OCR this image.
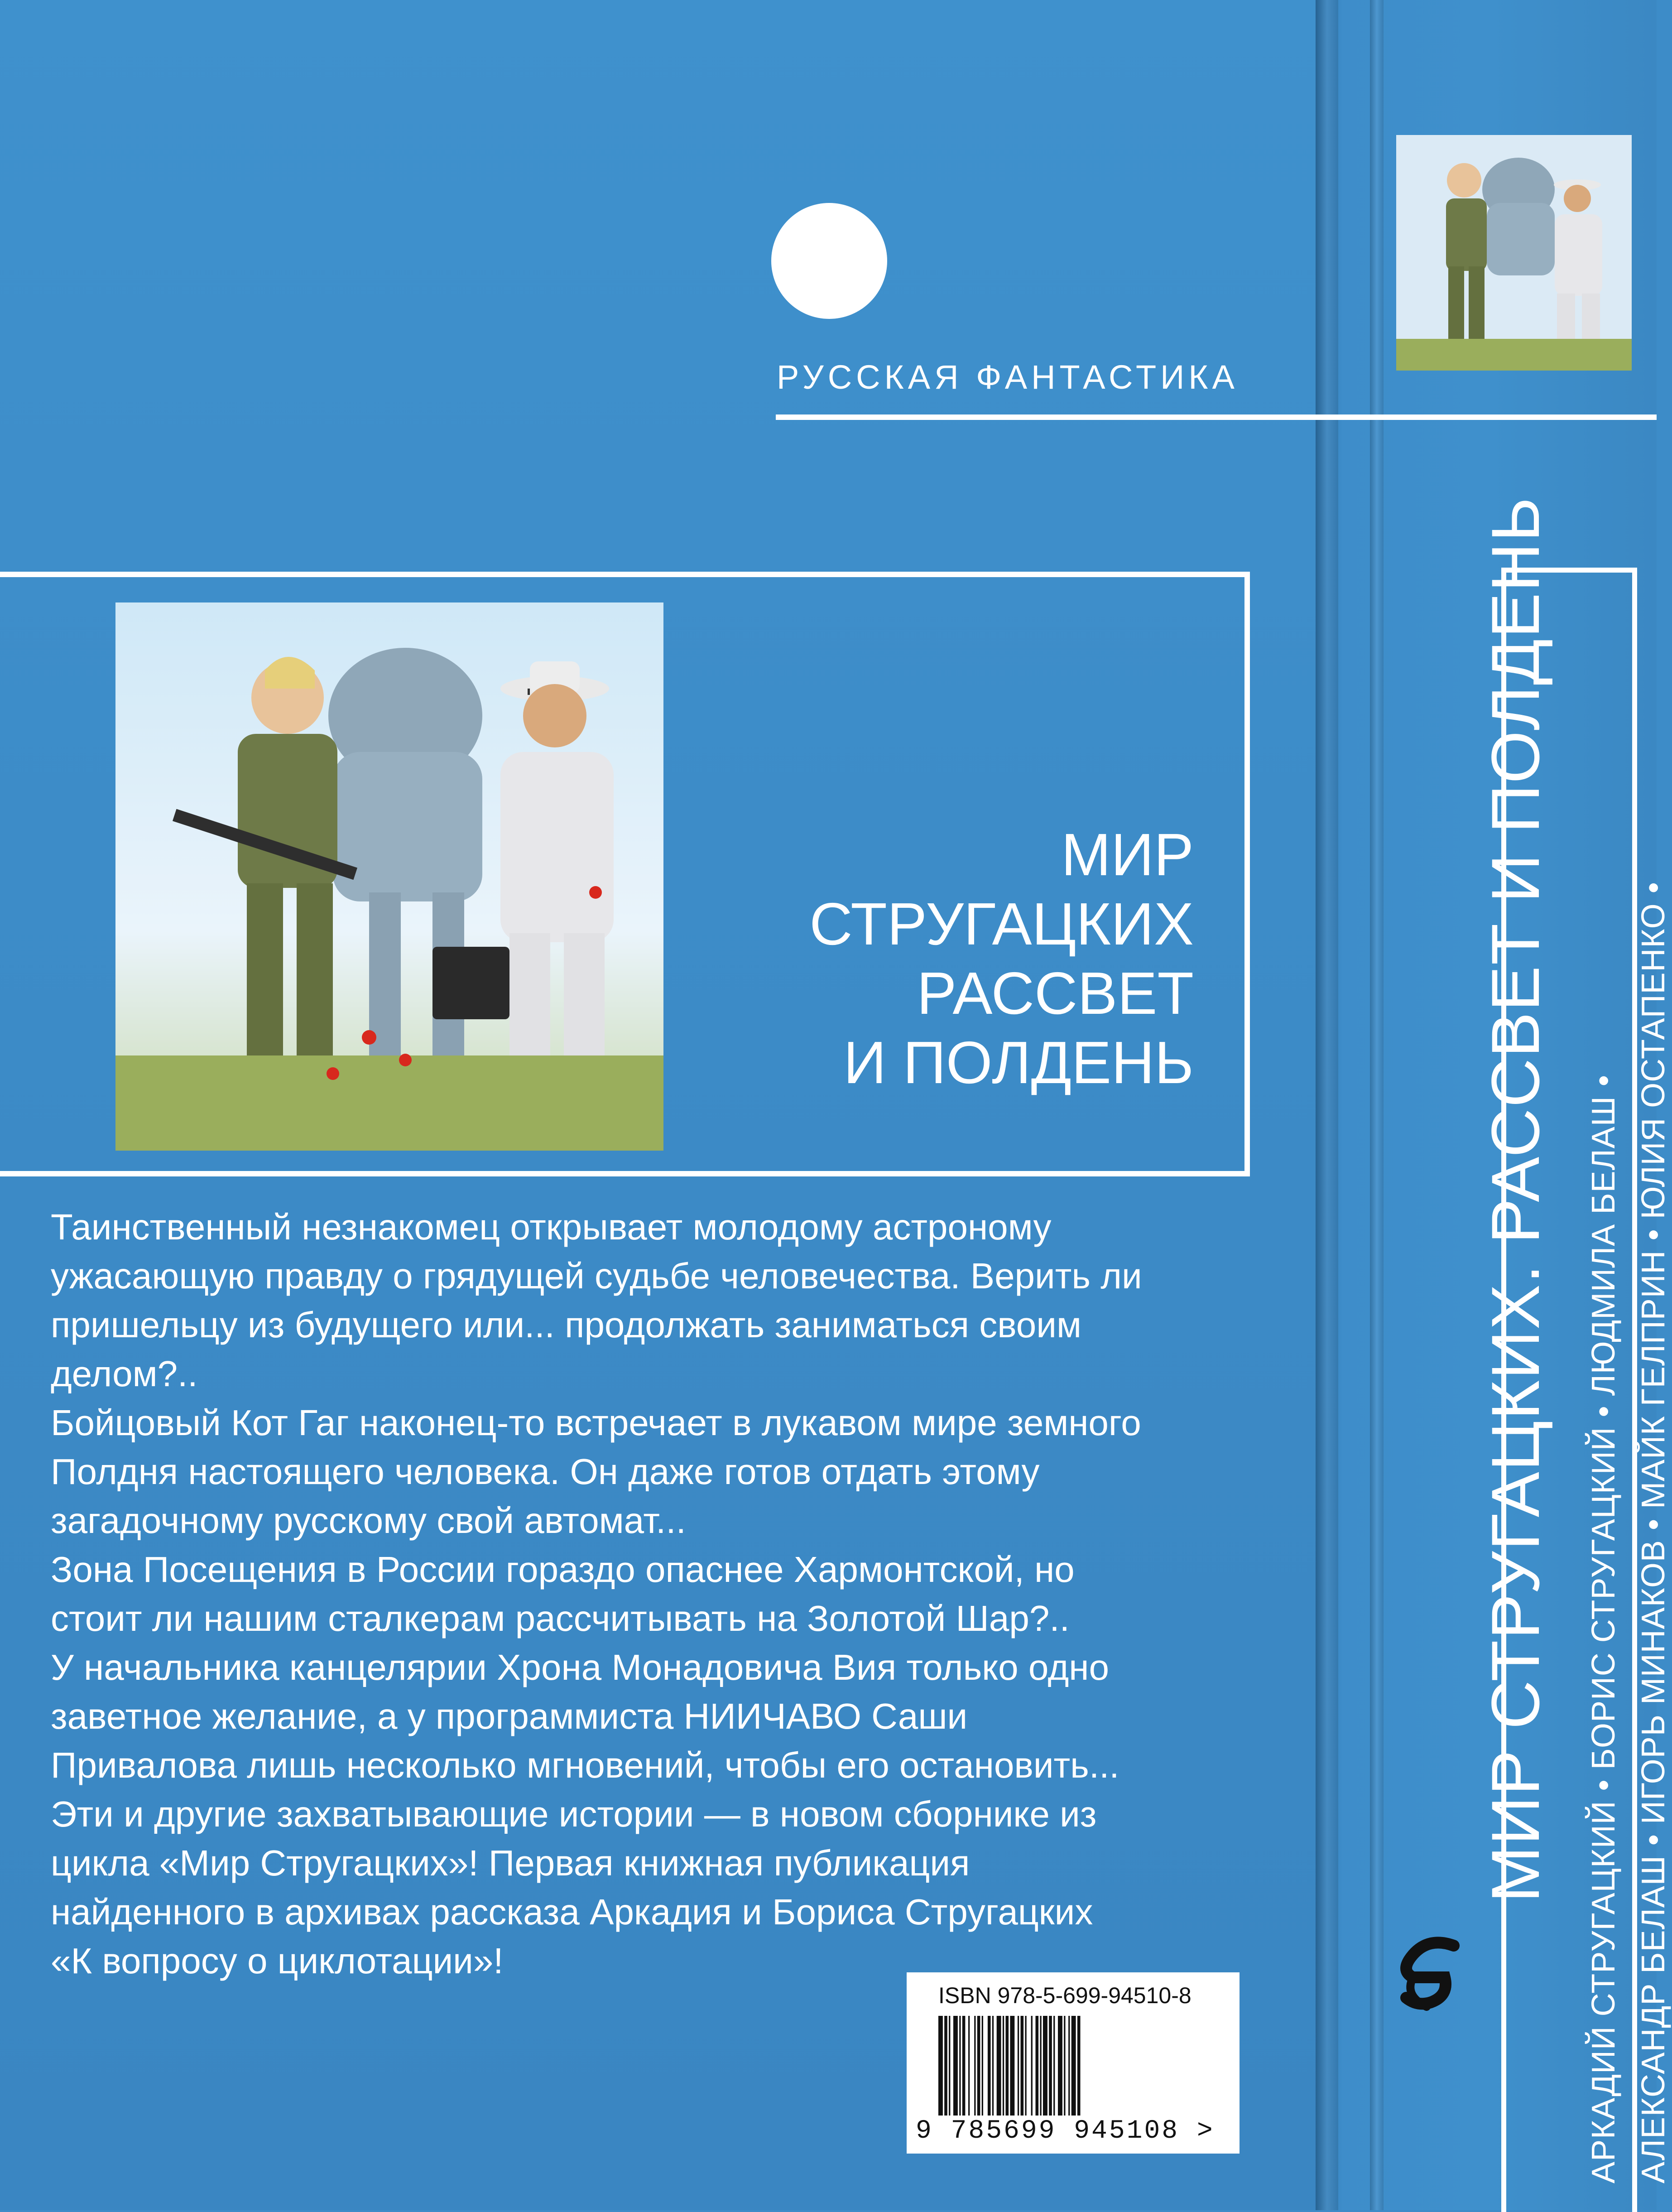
РУССКАЯ ФАНТАСТИКА
МИР
СТРУГАЦКИХ
РАССВЕТ
И ПОЛДЕНЬ

Таинственный незнакомец открывает молодому астроному

ужасающую правду о грядущей судьбе человечества. Верить ли

пришельцу из будущего или... продолжать заниматься своим

делом?..

Бойцовый Кот Гаг наконец-то встречает в лукавом мире земного

Полдня настоящего человека. Он даже готов отдать этому

загадочному русскому свой автомат...

Зона Посещения в России гораздо опаснее Хармонтской, но

стоит ли нашим сталкерам рассчитывать на Золотой Шар?..

У начальника канцелярии Хрона Монадовича Вия только одно

заветное желание, а у программиста НИИЧАВО Саши

Привалова лишь несколько мгновений, чтобы его остановить...

Эти и другие захватывающие истории — в новом сборнике из

цикла «Мир Стругацких»! Первая книжная публикация

найденного в архивах рассказа Аркадия и Бориса Стругацких

«К вопросу о циклотации»!

ISBN 978-5-699-94510-8
9 785699 945108 >
МИР СТРУГАЦКИХ. РАССВЕТ И ПОЛДЕНЬ АРКАДИЙ СТРУГАЦКИЙ • БОРИС СТРУГАЦКИЙ • ЛЮДМИЛА БЕЛАШ • АЛЕКСАНДР БЕЛАШ • ИГОРЬ МИНАКОВ • МАЙК ГЕЛПРИН • ЮЛИЯ ОСТАПЕНКО •
